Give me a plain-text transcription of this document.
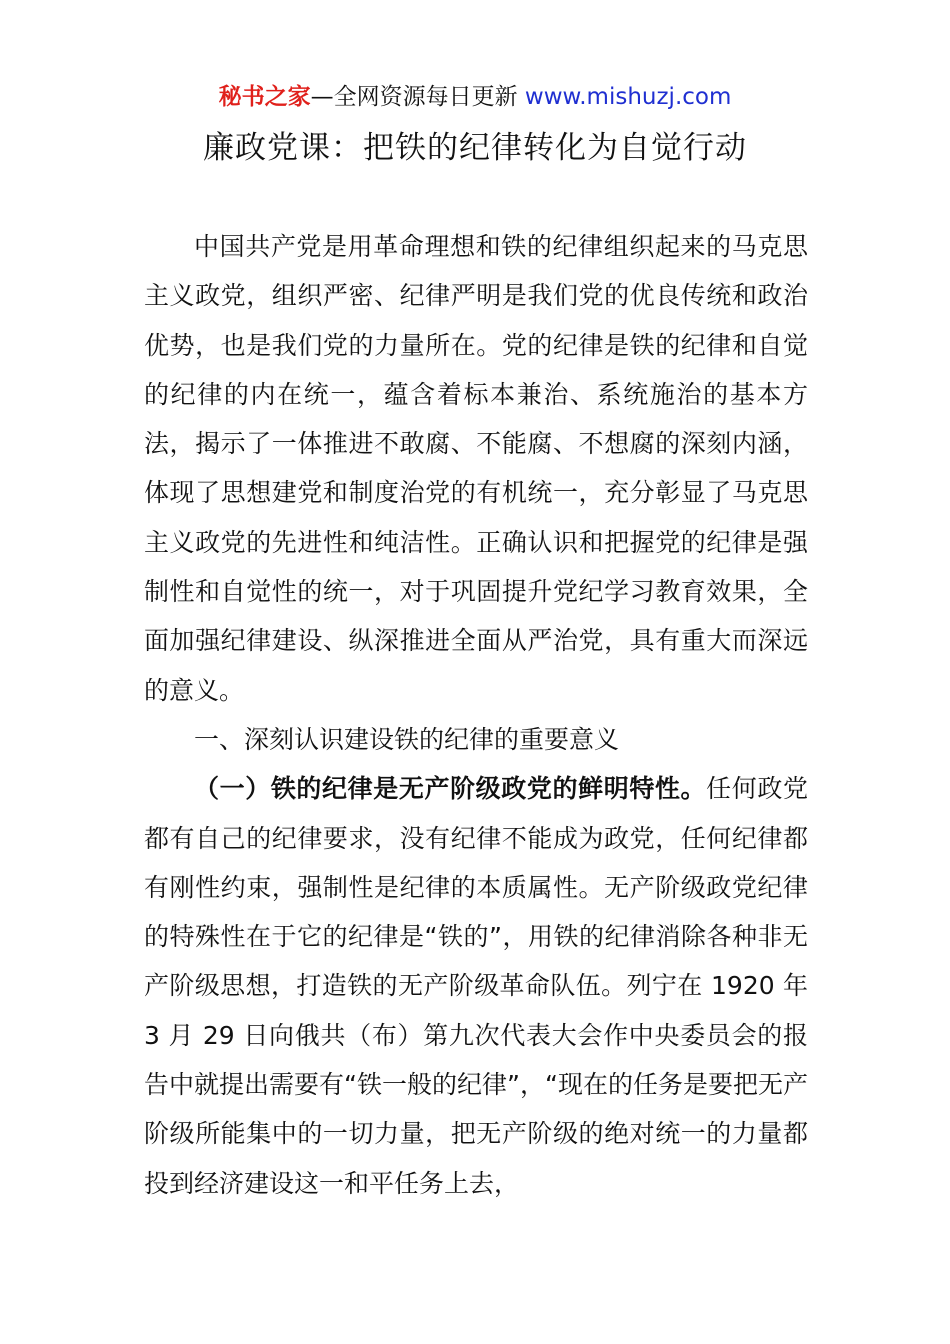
秘书之家—全网资源每日更新 www.mishuzj.com
廉政党课：把铁的纪律转化为自觉行动

中国共产党是用革命理想和铁的纪律组织起来的马克思主义政党，组织严密、纪律严明是我们党的优良传统和政治优势，也是我们党的力量所在。党的纪律是铁的纪律和自觉的纪律的内在统一，蕴含着标本兼治、系统施治的基本方法，揭示了一体推进不敢腐、不能腐、不想腐的深刻内涵，体现了思想建党和制度治党的有机统一，充分彰显了马克思主义政党的先进性和纯洁性。正确认识和把握党的纪律是强制性和自觉性的统一，对于巩固提升党纪学习教育效果，全面加强纪律建设、纵深推进全面从严治党，具有重大而深远的意义。

一、深刻认识建设铁的纪律的重要意义

（一）铁的纪律是无产阶级政党的鲜明特性。任何政党都有自己的纪律要求，没有纪律不能成为政党，任何纪律都有刚性约束，强制性是纪律的本质属性。无产阶级政党纪律的特殊性在于它的纪律是“铁的”，用铁的纪律消除各种非无产阶级思想，打造铁的无产阶级革命队伍。列宁在 1920 年 3 月 29 日向俄共（布）第九次代表大会作中央委员会的报告中就提出需要有“铁一般的纪律”，“现在的任务是要把无产阶级所能集中的一切力量，把无产阶级的绝对统一的力量都投到经济建设这一和平任务上去，
